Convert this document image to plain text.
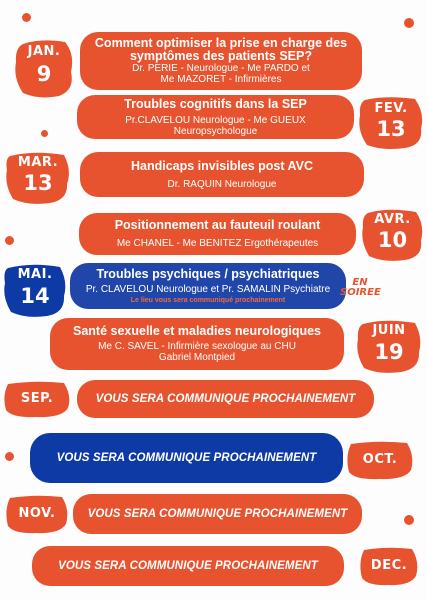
Comment optimiser la prise en charge des symptômes des patients SEP?
Dr. PERIE - Neurologue - Me PARDO et Me MAZORET - Infirmières
JAN.
9
Troubles cognitifs dans la SEP
Pr.CLAVELOU Neurologue - Me GUEUX Neuropsychologue
FEV.
13
Handicaps invisibles post AVC
Dr. RAQUIN Neurologue
MAR.
13
Positionnement au fauteuil roulant
Me CHANEL - Me BENITEZ Ergothérapeutes
AVR.
10
Troubles psychiques / psychiatriques
Pr. CLAVELOU Neurologue et Pr. SAMALIN Psychiatre
Le lieu vous sera communiqué prochainement
EN SOIREE
MAI.
14
Santé sexuelle et maladies neurologiques
Me C. SAVEL - Infirmière sexologue au CHU Gabriel Montpied
JUIN
19
SEP.	VOUS SERA COMMUNIQUE PROCHAINEMENT
VOUS SERA COMMUNIQUE PROCHAINEMENT	OCT.
NOV.	VOUS SERA COMMUNIQUE PROCHAINEMENT
VOUS SERA COMMUNIQUE PROCHAINEMENT	DEC.
